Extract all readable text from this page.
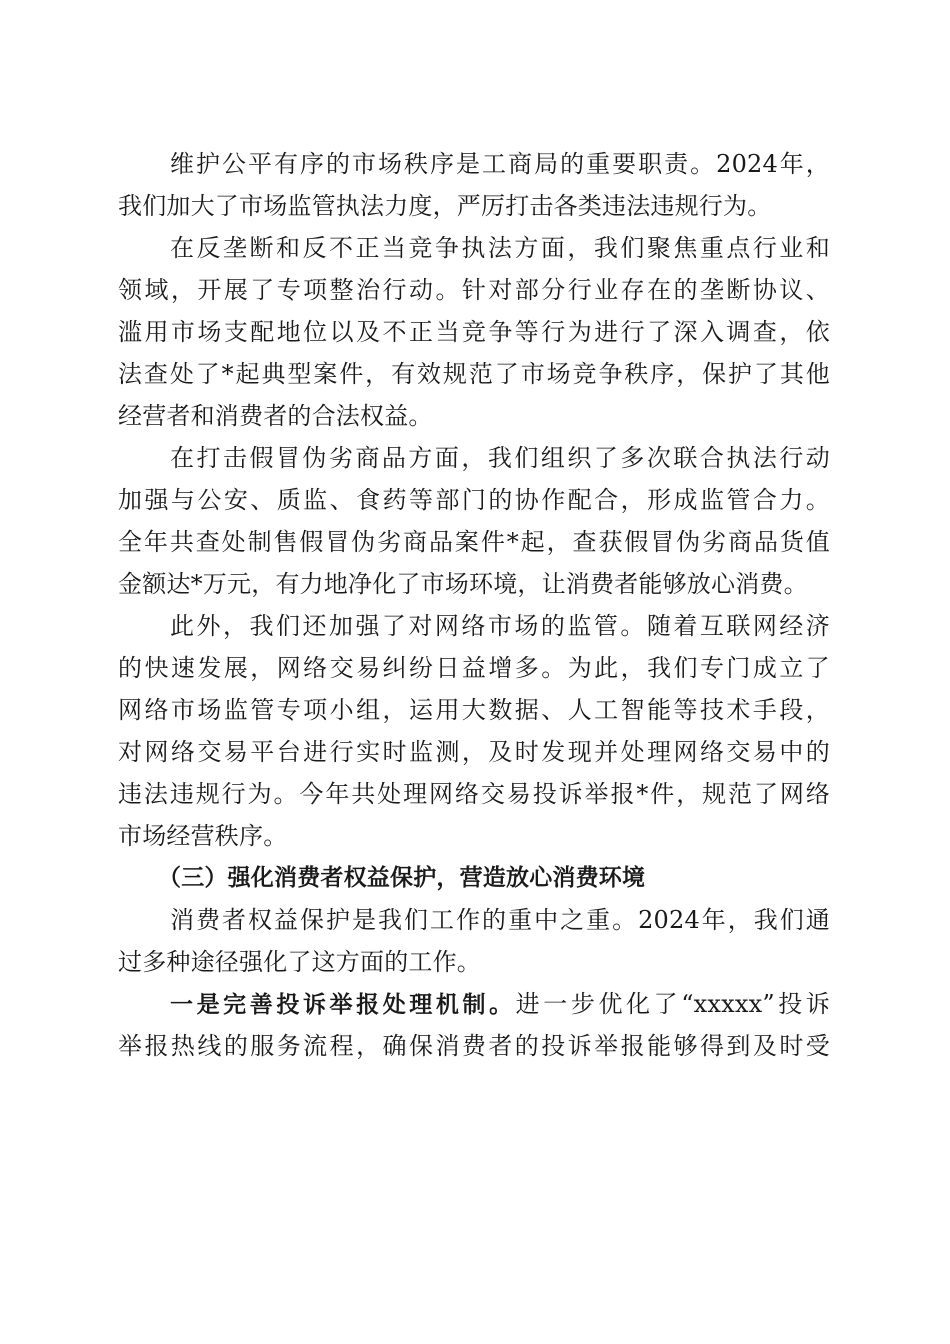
维护公平有序的市场秩序是工商局的重要职责。2024年，
我们加大了市场监管执法力度，严厉打击各类违法违规行为。
在反垄断和反不正当竞争执法方面，我们聚焦重点行业和
领域，开展了专项整治行动。针对部分行业存在的垄断协议、
滥用市场支配地位以及不正当竞争等行为进行了深入调查，依
法查处了*起典型案件，有效规范了市场竞争秩序，保护了其他
经营者和消费者的合法权益。
在打击假冒伪劣商品方面，我们组织了多次联合执法行动
加强与公安、质监、食药等部门的协作配合，形成监管合力。
全年共查处制售假冒伪劣商品案件*起，查获假冒伪劣商品货值
金额达*万元，有力地净化了市场环境，让消费者能够放心消费。
此外，我们还加强了对网络市场的监管。随着互联网经济
的快速发展，网络交易纠纷日益增多。为此，我们专门成立了
网络市场监管专项小组，运用大数据、人工智能等技术手段，
对网络交易平台进行实时监测，及时发现并处理网络交易中的
违法违规行为。今年共处理网络交易投诉举报*件，规范了网络
市场经营秩序。
（三）强化消费者权益保护，营造放心消费环境
消费者权益保护是我们工作的重中之重。2024年，我们通
过多种途径强化了这方面的工作。
一是完善投诉举报处理机制。进一步优化了“xxxxx”投诉
举报热线的服务流程，确保消费者的投诉举报能够得到及时受
